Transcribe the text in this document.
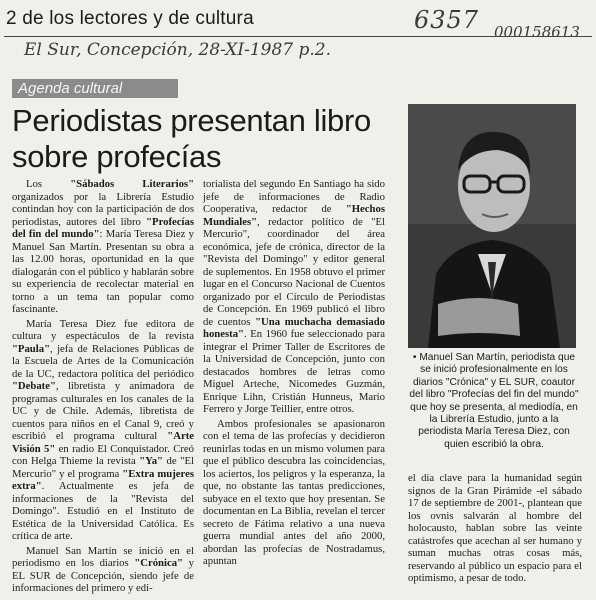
2 de los lectores y de cultura	6357 000158613
El Sur, Concepción, 28-XI-1987 p.2.
Agenda cultural
Periodistas presentan libro sobre profecías

Los "Sábados Literarios" organizados por la Librería Estudio contindan hoy con la participación de dos periodistas, autores del libro "Profecías del fin del mundo": María Teresa Diez y Manuel San Martín. Presentan su obra a las 12.00 horas, oportunidad en la que dialogarán con el público y hablarán sobre su experiencia de recolectar material en torno a un tema tan popular como fascinante.

María Teresa Diez fue editora de cultura y espectáculos de la revista "Paula", jefa de Relaciones Públicas de la Escuela de Artes de la Comunicación de la UC, redactora política del periódico "Debate", libretista y animadora de programas culturales en los canales de la UC y de Chile. Además, libretista de cuentos para niños en el Canal 9, creó y escribió el programa cultural "Arte Visión 5" en radio El Conquistador. Creó con Helga Thieme la revista "Ya" de "El Mercurio" y el programa "Extra mujeres extra". Actualmente es jefa de informaciones de la "Revista del Domingo". Estudió en el Instituto de Estética de la Universidad Católica. Es crítica de arte.

Manuel San Martín se inició en el periodismo en los diarios "Crónica" y EL SUR de Concepción, siendo jefe de informaciones del primero y edi-

torialista del segundo En Santiago ha sido jefe de informaciones de Radio Cooperativa, redactor de "Hechos Mundiales", redactor político de "El Mercurio", coordinador del área económica, jefe de crónica, director de la "Revista del Domingo" y editor general de suplementos. En 1958 obtuvo el primer lugar en el Concurso Nacional de Cuentos organizado por el Círculo de Periodistas de Concepción. En 1969 publicó el libro de cuentos "Una muchacha demasiado honesta". En 1960 fue seleccionado para integrar el Primer Taller de Escritores de la Universidad de Concepción, junto con destacados hombres de letras como Miguel Arteche, Nicomedes Guzmán, Enrique Lihn, Cristián Hunneus, Mario Ferrero y Jorge Teillier, entre otros.

Ambos profesionales se apasionaron con el tema de las profecías y decidieron reunirlas todas en un mismo volumen para que el público descubra las coincidencias, los aciertos, los peligros y la esperanza, la que, no obstante las tantas predicciones, subyace en el texto que hoy presentan. Se documentan en La Biblia, revelan el tercer secreto de Fátima relativo a una nueva guerra mundial antes del año 2000, abordan las profecías de Nostradamus, apuntan

• Manuel San Martín, periodista que se inició profesionalmente en los diarios "Crónica" y EL SUR, coautor del libro "Profecías del fin del mundo" que hoy se presenta, al mediodía, en la Librería Estudio, junto a la periodista María Teresa Diez, con quien escribió la obra.

el día clave para la humanidad según signos de la Gran Pirámide -el sábado 17 de septiembre de 2001-, plantean que los ovnis salvarán al hombre del holocausto, hablan sobre las veinte catástrofes que acechan al ser humano y suman muchas otras cosas más, reservando al público un espacio para el optimismo, a pesar de todo.
